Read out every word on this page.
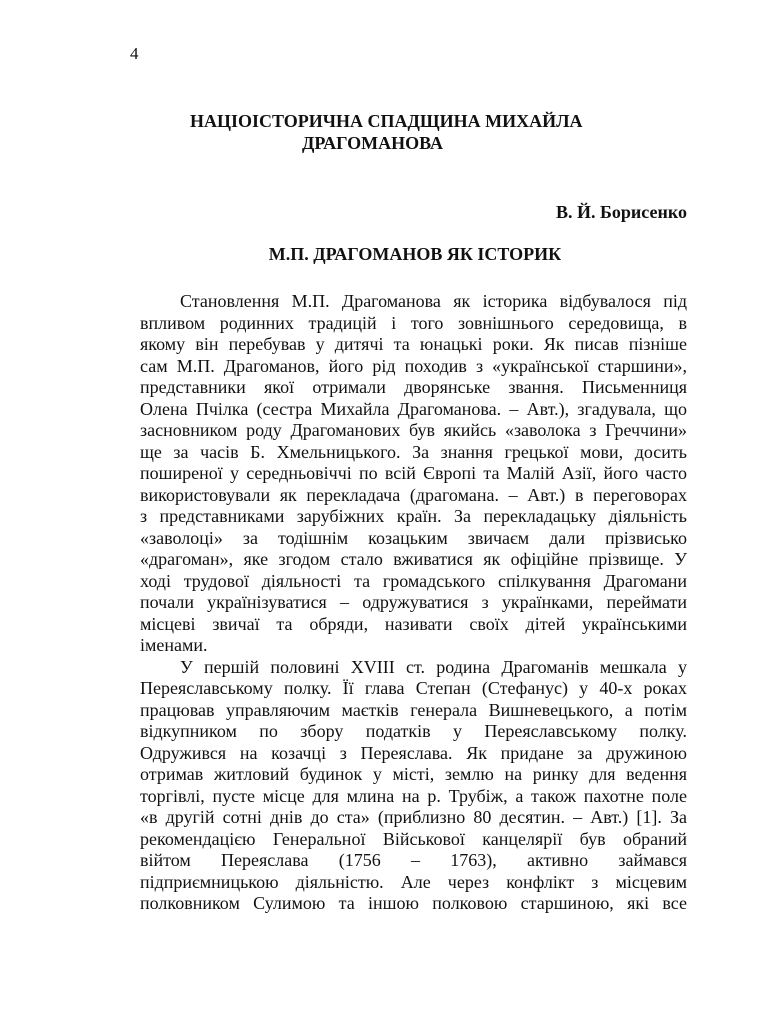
4
НАЦІОІСТОРИЧНА СПАДЩИНА МИХАЙЛА
ДРАГОМАНОВА
В. Й. Борисенко
М.П. ДРАГОМАНОВ ЯК ІСТОРИК
Становлення М.П. Драгоманова як історика відбувалося під
впливом родинних традицій і того зовнішнього середовища, в
якому він перебував у дитячі та юнацькі роки. Як писав пізніше
сам М.П. Драгоманов, його рід походив з «української старшини»,
представники якої отримали дворянське звання. Письменниця
Олена Пчілка (сестра Михайла Драгоманова. – Авт.), згадувала, що
засновником роду Драгоманових був якийсь «заволока з Греччини»
ще за часів Б. Хмельницького. За знання грецької мови, досить
поширеної у середньовіччі по всій Європі та Малій Азії, його часто
використовували як перекладача (драгомана. – Авт.) в переговорах
з представниками зарубіжних країн. За перекладацьку діяльність
«заволоці» за тодішнім козацьким звичаєм дали прізвисько
«драгоман», яке згодом стало вживатися як офіційне прізвище. У
ході трудової діяльності та громадського спілкування Драгомани
почали українізуватися – одружуватися з українками, переймати
місцеві звичаї та обряди, називати своїх дітей українськими
іменами.
У першій половині XVIII ст. родина Драгоманів мешкала у
Переяславському полку. Її глава Степан (Стефанус) у 40-х роках
працював управляючим маєтків генерала Вишневецького, а потім
відкупником по збору податків у Переяславському полку.
Одружився на козачці з Переяслава. Як придане за дружиною
отримав житловий будинок у місті, землю на ринку для ведення
торгівлі, пусте місце для млина на р. Трубіж, а також пахотне поле
«в другій сотні днів до ста» (приблизно 80 десятин. – Авт.) [1]. За
рекомендацією Генеральної Військової канцелярії був обраний
війтом Переяслава (1756 – 1763), активно займався
підприємницькою діяльністю. Але через конфлікт з місцевим
полковником Сулимою та іншою полковою старшиною, які все
